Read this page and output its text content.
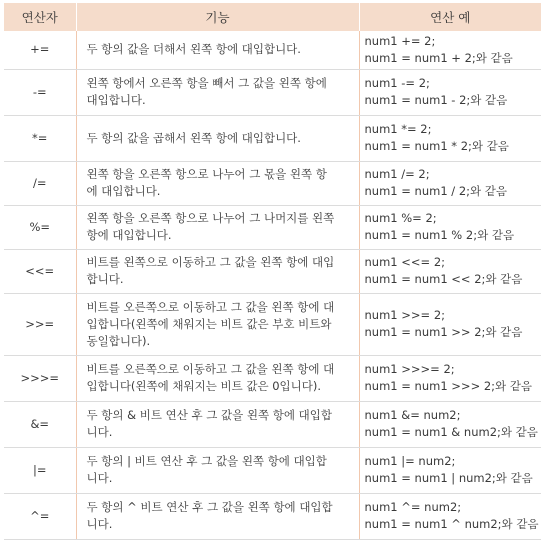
연산자	기능	연산 예
+=	두 항의 값을 더해서 왼쪽 항에 대입합니다.	num1 += 2;
num1 = num1 + 2;와 같음

-=	왼쪽 항에서 오른쪽 항을 빼서 그 값을 왼쪽 항에
대입합니다.	num1 -= 2;
num1 = num1 - 2;와 같음

*=	두 항의 값을 곱해서 왼쪽 항에 대입합니다.	num1 *= 2;
num1 = num1 * 2;와 같음

/=	왼쪽 항을 오른쪽 항으로 나누어 그 몫을 왼쪽 항
에 대입합니다.	num1 /= 2;
num1 = num1 / 2;와 같음

%=	왼쪽 항을 오른쪽 항으로 나누어 그 나머지를 왼쪽
항에 대입합니다.	num1 %= 2;
num1 = num1 % 2;와 같음

<<=	비트를 왼쪽으로 이동하고 그 값을 왼쪽 항에 대입
합니다.	num1 <<= 2;
num1 = num1 << 2;와 같음

>>=	비트를 오른쪽으로 이동하고 그 값을 왼쪽 항에 대
입합니다(왼쪽에 채워지는 비트 값은 부호 비트와
동일합니다).	num1 >>= 2;
num1 = num1 >> 2;와 같음

>>>=	비트를 오른쪽으로 이동하고 그 값을 왼쪽 항에 대
입합니다(왼쪽에 채워지는 비트 값은 0입니다).	num1 >>>= 2;
num1 = num1 >>> 2;와 같음

&=	두 항의 & 비트 연산 후 그 값을 왼쪽 항에 대입합
니다.	num1 &= num2;
num1 = num1 & num2;와 같음

|=	두 항의 | 비트 연산 후 그 값을 왼쪽 항에 대입합
니다.	num1 |= num2;
num1 = num1 | num2;와 같음

^=	두 항의 ^ 비트 연산 후 그 값을 왼쪽 항에 대입합
니다.	num1 ^= num2;
num1 = num1 ^ num2;와 같음
